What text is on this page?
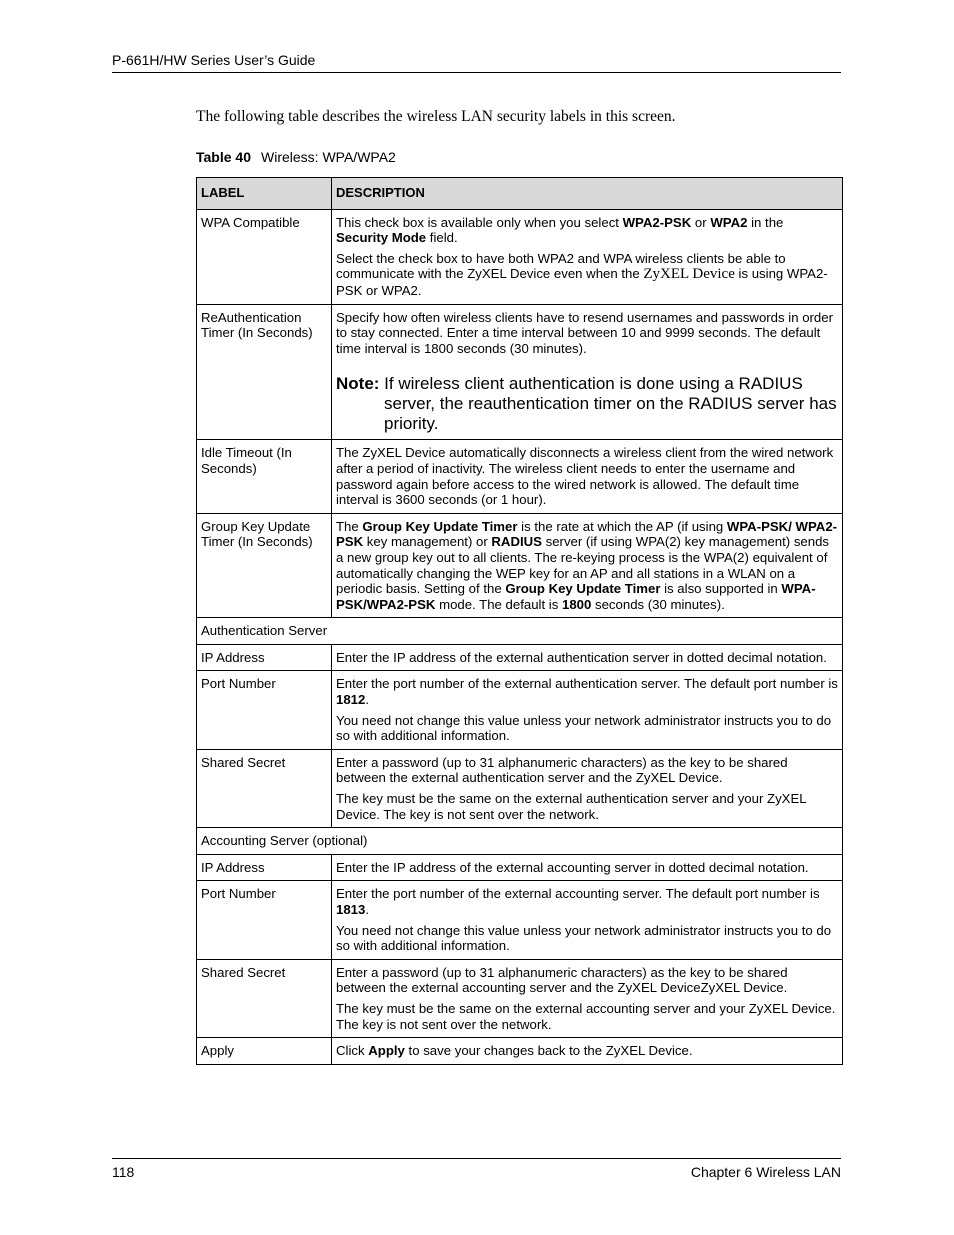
P-661H/HW Series User’s Guide
The following table describes the wireless LAN security labels in this screen.
Table 40 Wireless: WPA/WPA2
LABEL	DESCRIPTION
WPA Compatible	This check box is available only when you select WPA2-PSK or WPA2 in the Security Mode field.

Select the check box to have both WPA2 and WPA wireless clients be able to communicate with the ZyXEL Device even when the ZyXEL Device is using WPA2-PSK or WPA2.

ReAuthentication Timer (In Seconds)	Specify how often wireless clients have to resend usernames and passwords in order to stay connected. Enter a time interval between 10 and 9999 seconds. The default time interval is 1800 seconds (30 minutes).

Note: If wireless client authentication is done using a RADIUS server, the reauthentication timer on the RADIUS server has priority.

Idle Timeout (In Seconds)	The ZyXEL Device automatically disconnects a wireless client from the wired network after a period of inactivity. The wireless client needs to enter the username and password again before access to the wired network is allowed. The default time interval is 3600 seconds (or 1 hour).

Group Key Update Timer (In Seconds)	The Group Key Update Timer is the rate at which the AP (if using WPA-PSK/ WPA2-PSK key management) or RADIUS server (if using WPA(2) key management) sends a new group key out to all clients. The re-keying process is the WPA(2) equivalent of automatically changing the WEP key for an AP and all stations in a WLAN on a periodic basis. Setting of the Group Key Update Timer is also supported in WPA-PSK/WPA2-PSK mode. The default is 1800 seconds (30 minutes).

Authentication Server	
IP Address	Enter the IP address of the external authentication server in dotted decimal notation.

Port Number	Enter the port number of the external authentication server. The default port number is 1812.

You need not change this value unless your network administrator instructs you to do so with additional information.

Shared Secret	Enter a password (up to 31 alphanumeric characters) as the key to be shared between the external authentication server and the ZyXEL Device.

The key must be the same on the external authentication server and your ZyXEL Device. The key is not sent over the network.

Accounting Server (optional)	
IP Address	Enter the IP address of the external accounting server in dotted decimal notation.

Port Number	Enter the port number of the external accounting server. The default port number is 1813.

You need not change this value unless your network administrator instructs you to do so with additional information.

Shared Secret	Enter a password (up to 31 alphanumeric characters) as the key to be shared between the external accounting server and the ZyXEL DeviceZyXEL Device.

The key must be the same on the external accounting server and your ZyXEL Device. The key is not sent over the network.

Apply	Click Apply to save your changes back to the ZyXEL Device.

118	Chapter 6 Wireless LAN
